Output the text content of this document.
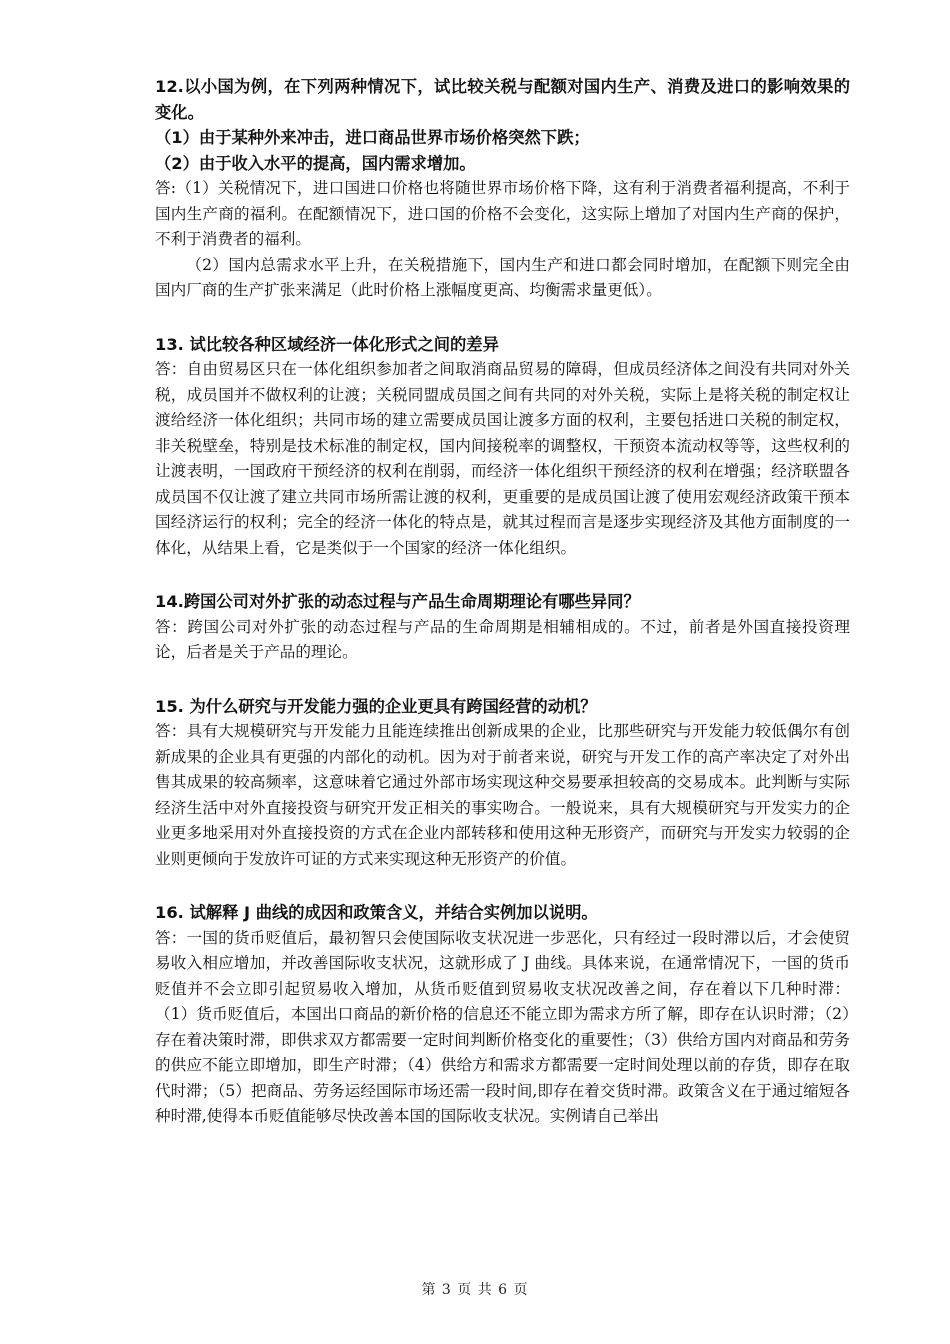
12.以小国为例，在下列两种情况下，试比较关税与配额对国内生产、消费及进口的影响效果的变化。

（1）由于某种外来冲击，进口商品世界市场价格突然下跌；

（2）由于收入水平的提高，国内需求增加。

答:（1）关税情况下，进口国进口价格也将随世界市场价格下降，这有利于消费者福利提高，不利于国内生产商的福利。在配额情况下，进口国的价格不会变化，这实际上增加了对国内生产商的保护，不利于消费者的福利。

（2）国内总需求水平上升，在关税措施下，国内生产和进口都会同时增加，在配额下则完全由国内厂商的生产扩张来满足（此时价格上涨幅度更高、均衡需求量更低）。

13. 试比较各种区域经济一体化形式之间的差异

答：自由贸易区只在一体化组织参加者之间取消商品贸易的障碍，但成员经济体之间没有共同对外关税，成员国并不做权利的让渡；关税同盟成员国之间有共同的对外关税，实际上是将关税的制定权让渡给经济一体化组织；共同市场的建立需要成员国让渡多方面的权利，主要包括进口关税的制定权，非关税壁垒，特别是技术标准的制定权，国内间接税率的调整权，干预资本流动权等等，这些权利的让渡表明，一国政府干预经济的权利在削弱，而经济一体化组织干预经济的权利在增强；经济联盟各成员国不仅让渡了建立共同市场所需让渡的权利，更重要的是成员国让渡了使用宏观经济政策干预本国经济运行的权利；完全的经济一体化的特点是，就其过程而言是逐步实现经济及其他方面制度的一体化，从结果上看，它是类似于一个国家的经济一体化组织。

14.跨国公司对外扩张的动态过程与产品生命周期理论有哪些异同？

答：跨国公司对外扩张的动态过程与产品的生命周期是相辅相成的。不过，前者是外国直接投资理论，后者是关于产品的理论。

15. 为什么研究与开发能力强的企业更具有跨国经营的动机？

答：具有大规模研究与开发能力且能连续推出创新成果的企业，比那些研究与开发能力较低偶尔有创新成果的企业具有更强的内部化的动机。因为对于前者来说，研究与开发工作的高产率决定了对外出售其成果的较高频率，这意味着它通过外部市场实现这种交易要承担较高的交易成本。此判断与实际经济生活中对外直接投资与研究开发正相关的事实吻合。一般说来，具有大规模研究与开发实力的企业更多地采用对外直接投资的方式在企业内部转移和使用这种无形资产，而研究与开发实力较弱的企业则更倾向于发放许可证的方式来实现这种无形资产的价值。

16. 试解释 J 曲线的成因和政策含义，并结合实例加以说明。

答：一国的货币贬值后，最初智只会使国际收支状况进一步恶化，只有经过一段时滞以后，才会使贸易收入相应增加，并改善国际收支状况，这就形成了 J 曲线。具体来说，在通常情况下，一国的货币贬值并不会立即引起贸易收入增加，从货币贬值到贸易收支状况改善之间，存在着以下几种时滞：（1）货币贬值后，本国出口商品的新价格的信息还不能立即为需求方所了解，即存在认识时滞；（2）存在着决策时滞，即供求双方都需要一定时间判断价格变化的重要性；（3）供给方国内对商品和劳务的供应不能立即增加，即生产时滞；（4）供给方和需求方都需要一定时间处理以前的存货，即存在取代时滞；（5）把商品、劳务运经国际市场还需一段时间,即存在着交货时滞。政策含义在于通过缩短各种时滞,使得本币贬值能够尽快改善本国的国际收支状况。实例请自己举出

第 3 页 共 6 页
